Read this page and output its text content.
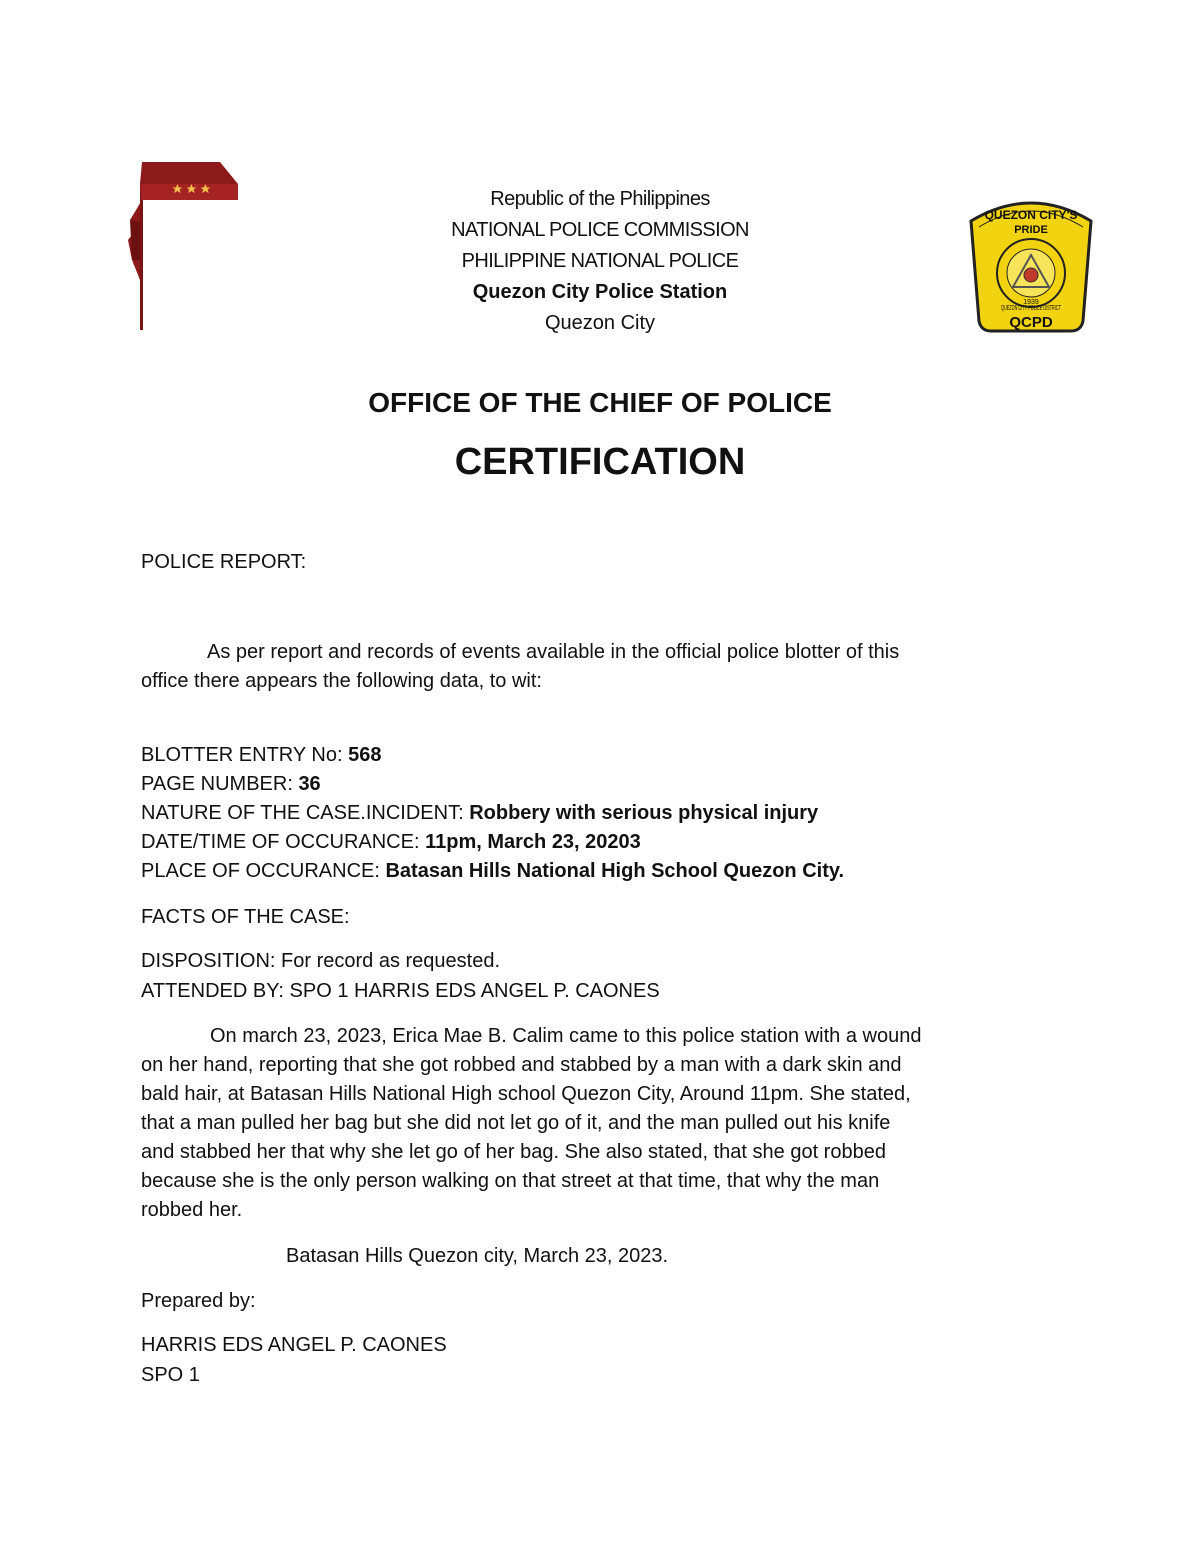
Republic of the Philippines
NATIONAL POLICE COMMISSION
PHILIPPINE NATIONAL POLICE
Quezon City Police Station
Quezon City
QUEZON CITY'S
PRIDE
QUEZON CITY POLICE DISTRICT
1939
QCPD
OFFICE OF THE CHIEF OF POLICE
CERTIFICATION
POLICE REPORT:
As per report and records of events available in the official police blotter of this
office there appears the following data, to wit:
BLOTTER ENTRY No: 568
PAGE NUMBER: 36
NATURE OF THE CASE.INCIDENT: Robbery with serious physical injury
DATE/TIME OF OCCURANCE: 11pm, March 23, 20203
PLACE OF OCCURANCE: Batasan Hills National High School Quezon City.
FACTS OF THE CASE:
DISPOSITION: For record as requested.
ATTENDED BY: SPO 1 HARRIS EDS ANGEL P. CAONES
On march 23, 2023, Erica Mae B. Calim came to this police station with a wound
on her hand, reporting that she got robbed and stabbed by a man with a dark skin and
bald hair, at Batasan Hills National High school Quezon City, Around 11pm. She stated,
that a man pulled her bag but she did not let go of it, and the man pulled out his knife
and stabbed her that why she let go of her bag. She also stated, that she got robbed
because she is the only person walking on that street at that time, that why the man
robbed her.
Batasan Hills Quezon city, March 23, 2023.
Prepared by:
HARRIS EDS ANGEL P. CAONES
SPO 1
